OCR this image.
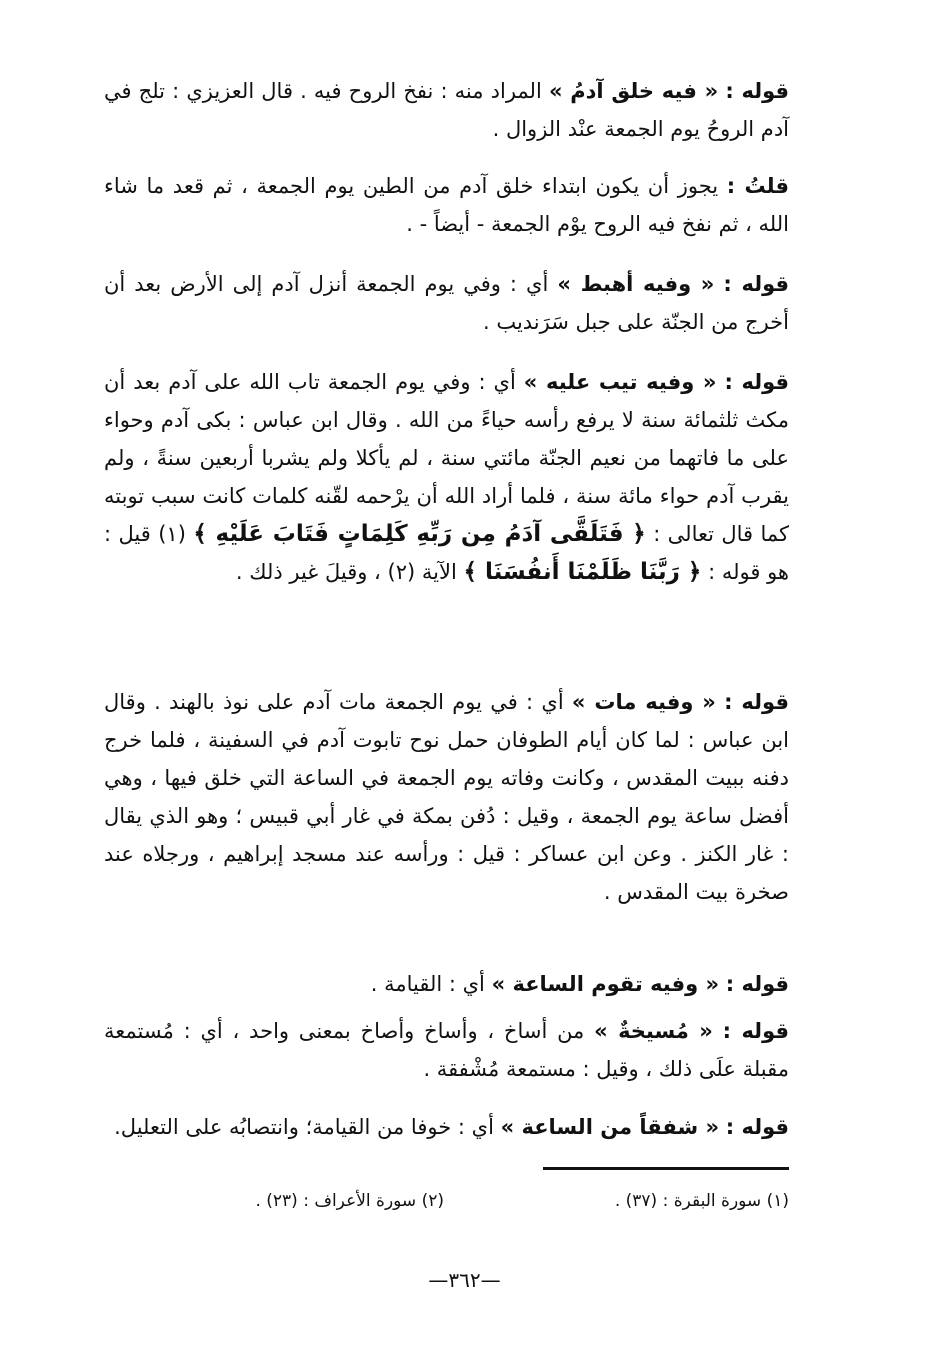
قوله : « فيه خلق آدمُ » المراد منه : نفخ الروح فيه . قال العزيزي : تلج في آدم الروحُ يوم الجمعة عنْد الزوال .

قلتُ : يجوز أن يكون ابتداء خلق آدم من الطين يوم الجمعة ، ثم قعد ما شاء الله ، ثم نفخ فيه الروح يوْم الجمعة - أيضاً - .

قوله : « وفيه أهبط » أي : وفي يوم الجمعة أنزل آدم إلى الأرض بعد أن أخرج من الجنّة على جبل سَرَنديب .

قوله : « وفيه تيب عليه » أي : وفي يوم الجمعة تاب الله على آدم بعد أن مكث ثلثمائة سنة لا يرفع رأسه حياءً من الله . وقال ابن عباس : بكى آدم وحواء على ما فاتهما من نعيم الجنّة مائتي سنة ، لم يأكلا ولم يشربا أربعين سنةً ، ولم يقرب آدم حواء مائة سنة ، فلما أراد الله أن يرْحمه لقّنه كلمات كانت سبب توبته كما قال تعالى : ﴿ فَتَلَقَّى آدَمُ مِن رَبِّهِ كَلِمَاتٍ فَتَابَ عَلَيْهِ ﴾ (١) قيل : هو قوله : ﴿ رَبَّنَا ظَلَمْنَا أَنفُسَنَا ﴾ الآية (٢) ، وقيلَ غير ذلك .

قوله : « وفيه مات » أي : في يوم الجمعة مات آدم على نوذ بالهند . وقال ابن عباس : لما كان أيام الطوفان حمل نوح تابوت آدم في السفينة ، فلما خرج دفنه ببيت المقدس ، وكانت وفاته يوم الجمعة في الساعة التي خلق فيها ، وهي أفضل ساعة يوم الجمعة ، وقيل : دُفن بمكة في غار أبي قبيس ؛ وهو الذي يقال : غار الكنز . وعن ابن عساكر : قيل : ورأسه عند مسجد إبراهيم ، ورجلاه عند صخرة بيت المقدس .

قوله : « وفيه تقوم الساعة » أي : القيامة .

قوله : « مُسيخةٌ » من أساخ ، وأساخ وأصاخ بمعنى واحد ، أي : مُستمعة مقبلة علَى ذلك ، وقيل : مستمعة مُشْفقة .

قوله : « شفقاً من الساعة » أي : خوفا من القيامة؛ وانتصابُه على التعليل.

(١) سورة البقرة : (٣٧) .
(٢) سورة الأعراف : (٢٣) .
—٣٦٢—
